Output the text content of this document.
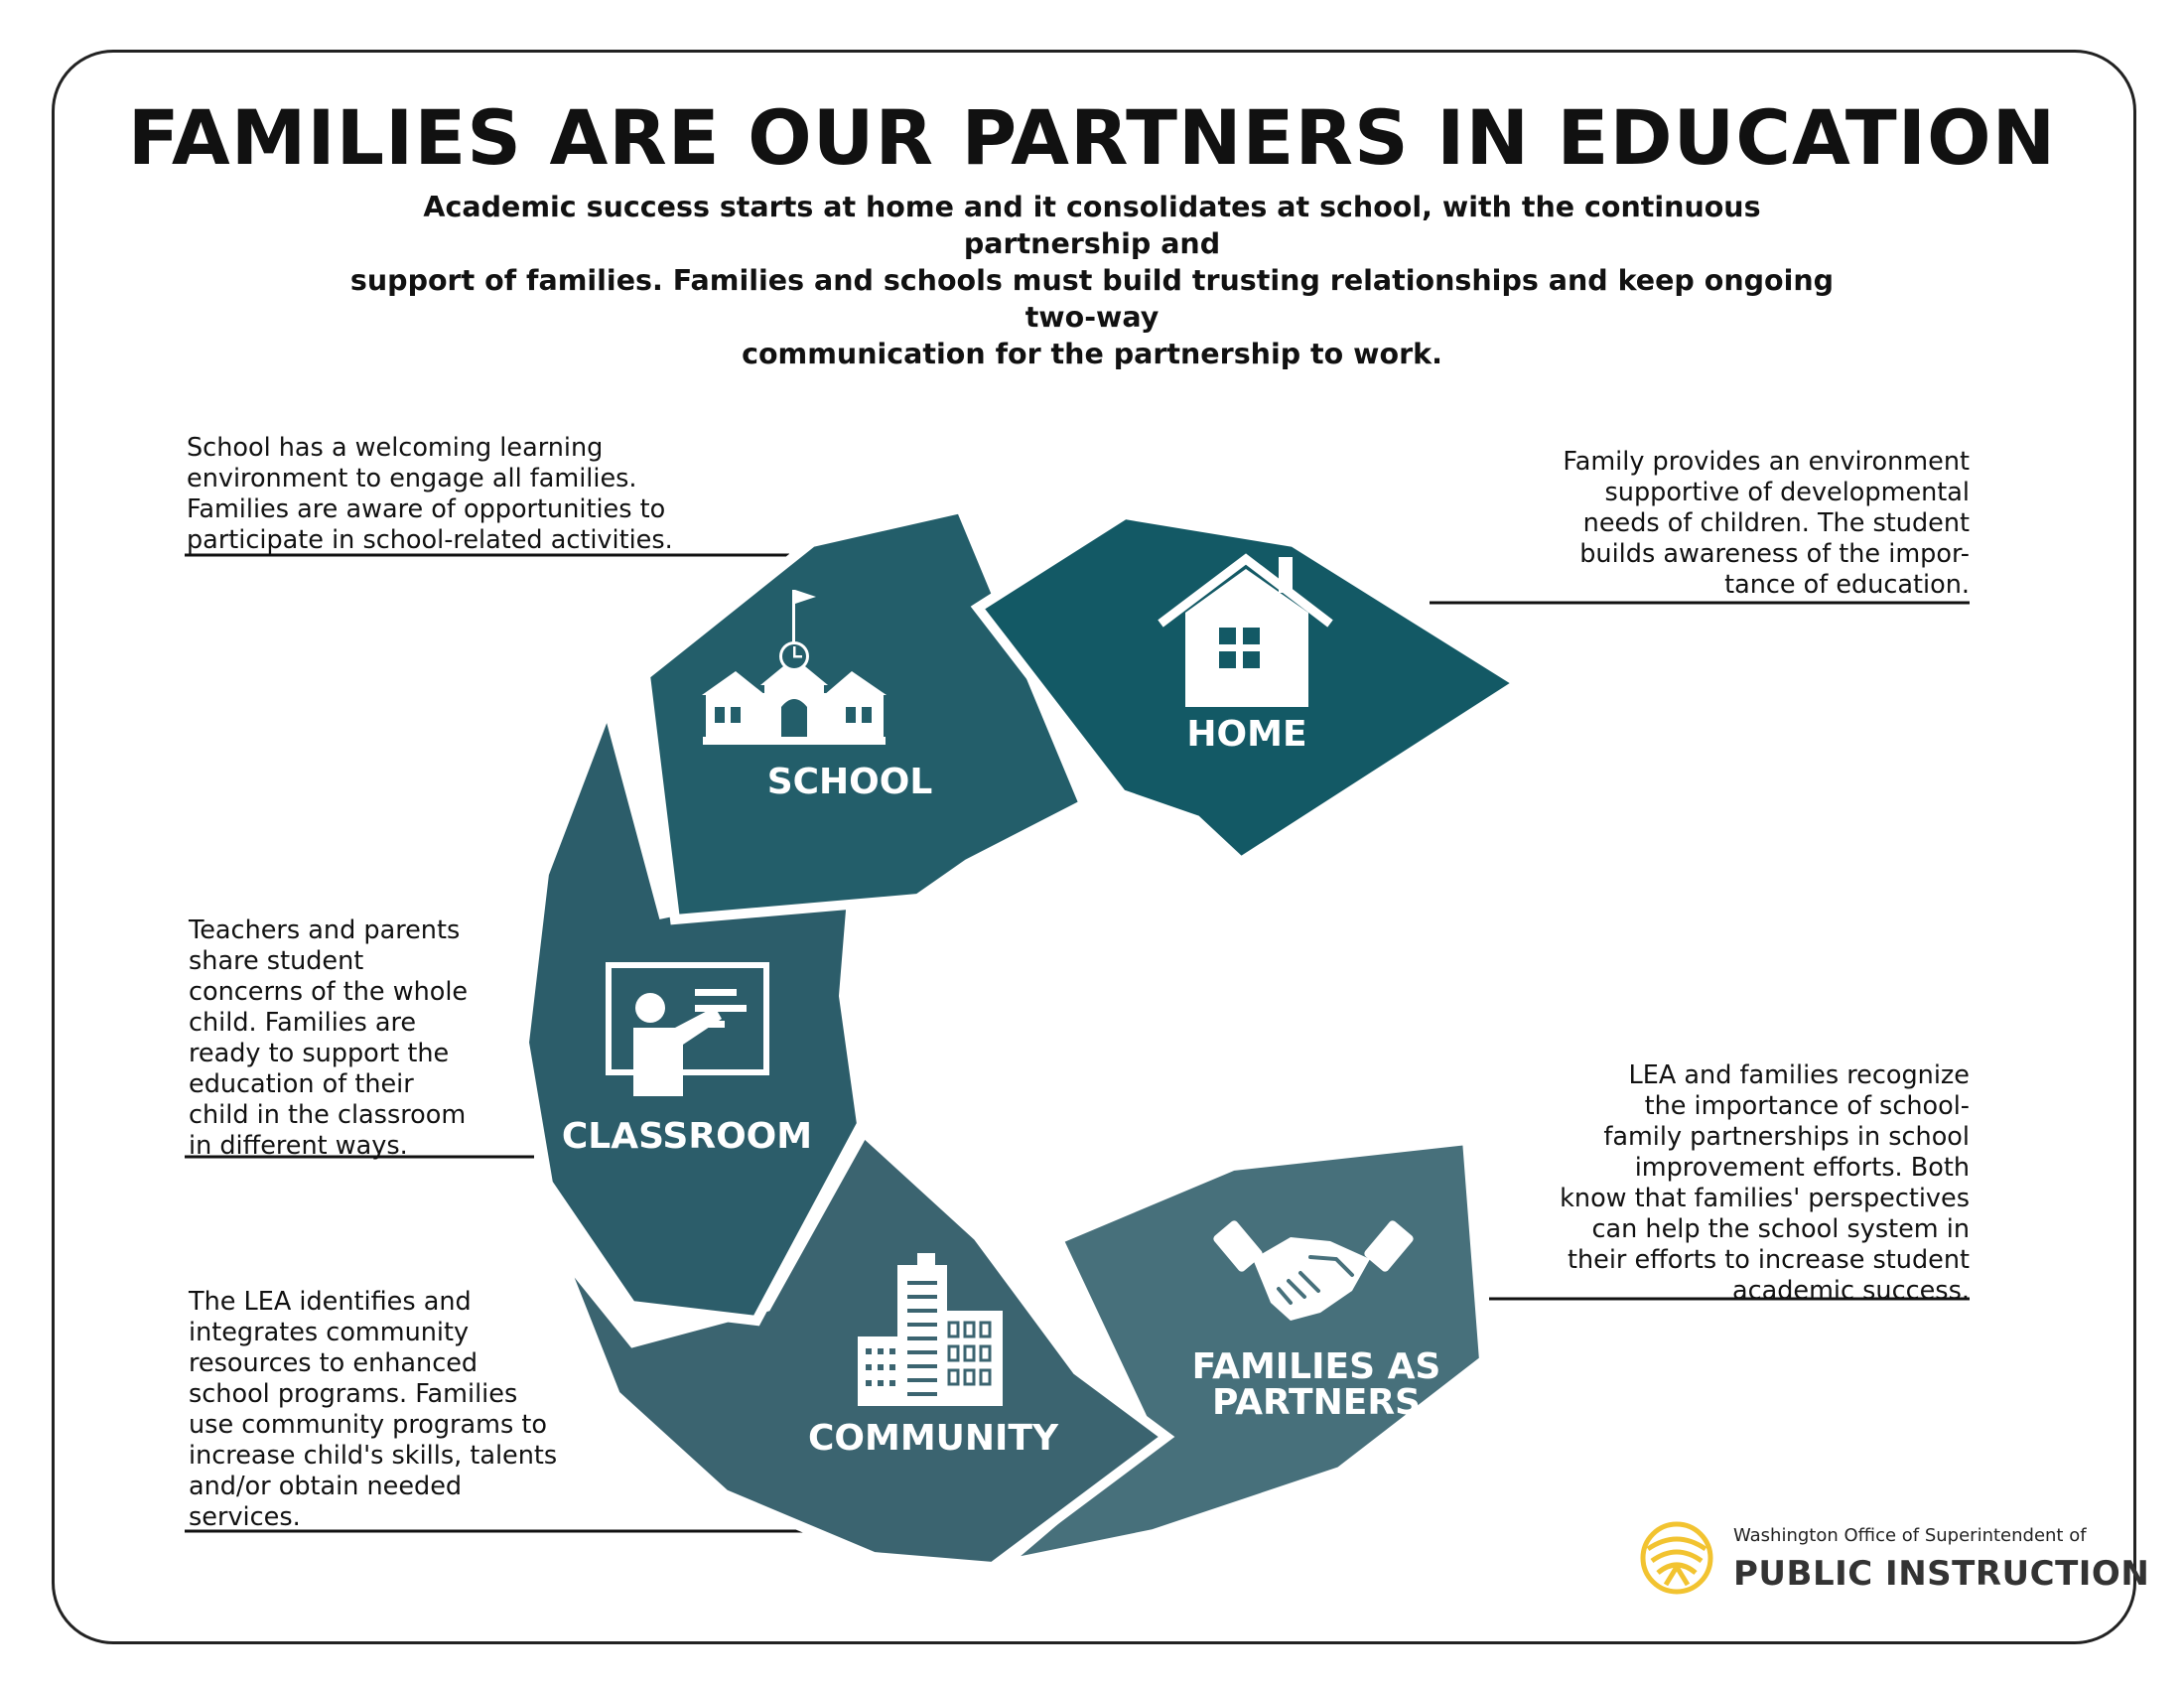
FAMILIES ARE OUR PARTNERS IN EDUCATION
Academic success starts at home and it consolidates at school, with the continuous partnership and
support of families. Families and schools must build trusting relationships and keep ongoing two-way
communication for the partnership to work.
School has a welcoming learning
environment to engage all families.
Families are aware of opportunities to
participate in school-related activities.
Family provides an environment
supportive of developmental
needs of children. The student
builds awareness of the impor-
tance of education.
Teachers and parents
share student
concerns of the whole
child. Families are
ready to support the
education of their
child in the classroom
in different ways.
LEA and families recognize
the importance of school-
family partnerships in school
improvement efforts. Both
know that families' perspectives
can help the school system in
their efforts to increase student
academic success.
The LEA identifies and
integrates community
resources to enhanced
school programs. Families
use community programs to
increase child's skills, talents
and/or obtain needed
services.
SCHOOL
HOME
CLASSROOM
COMMUNITY
FAMILIES AS
PARTNERS
Washington Office of Superintendent of
PUBLIC INSTRUCTION
